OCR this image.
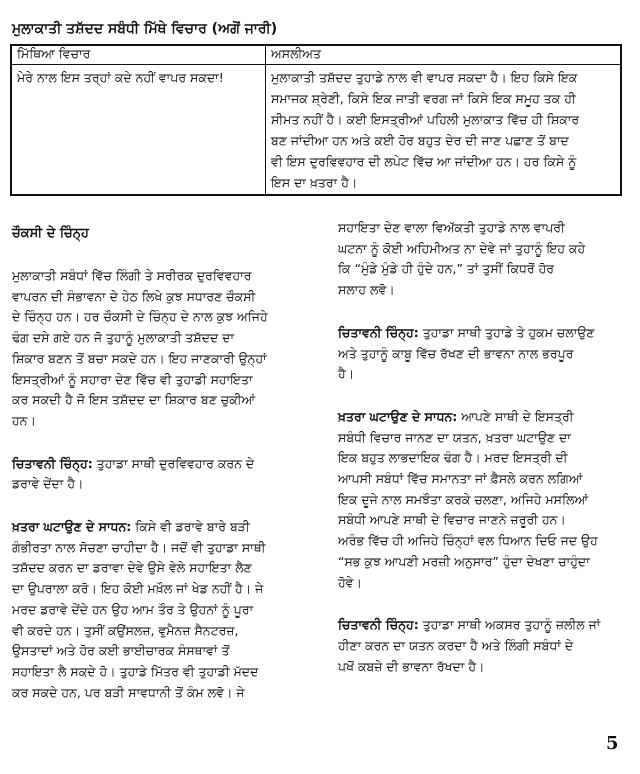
ਮੁਲਾਕਾਤੀ ਤਸ਼ੱਦਦ ਸਬੰਧੀ ਮਿੱਥੇ ਵਿਚਾਰ (ਅਗੋਂ ਜਾਰੀ)
ਮਿੱਥਿਆ ਵਿਚਾਰ	ਅਸਲੀਅਤ
ਮੇਰੇ ਨਾਲ ਇਸ ਤਰ੍ਹਾਂ ਕਦੇ ਨਹੀਂ ਵਾਪਰ ਸਕਦਾ!	ਮੁਲਾਕਾਤੀ ਤਸ਼ੱਦਦ ਤੁਹਾਡੇ ਨਾਲ ਵੀ ਵਾਪਰ ਸਕਦਾ ਹੈ। ਇਹ ਕਿਸੇ ਇਕ
ਸਮਾਜਕ ਸ਼੍ਰੇਣੀ, ਕਿਸੇ ਇਕ ਜਾਤੀ ਵਰਗ ਜਾਂ ਕਿਸੇ ਇਕ ਸਮੂਹ ਤਕ ਹੀ
ਸੀਮਤ ਨਹੀਂ ਹੈ। ਕਈ ਇਸਤ੍ਰੀਆਂ ਪਹਿਲੀ ਮੁਲਾਕਾਤ ਵਿੱਚ ਹੀ ਸ਼ਿਕਾਰ
ਬਣ ਜਾਂਦੀਆ ਹਨ ਅਤੇ ਕਈ ਹੋਰ ਬਹੁਤ ਦੇਰ ਦੀ ਜਾਣ ਪਛਾਣ ਤੋਂ ਬਾਦ
ਵੀ ਇਸ ਦੁਰਵਿਵਹਾਰ ਦੀ ਲਪੇਟ ਵਿੱਚ ਆ ਜਾਂਦੀਆ ਹਨ। ਹਰ ਕਿਸੇ ਨੂੰ
ਇਸ ਦਾ ਖ਼ਤਰਾ ਹੈ।
ਚੌਕਸੀ ਦੇ ਚਿੰਨ੍ਹ
ਮੁਲਾਕਾਤੀ ਸਬੰਧਾਂ ਵਿੱਚ ਲਿੰਗੀ ਤੇ ਸਰੀਰਕ ਦੁਰਵਿਵਹਾਰ
ਵਾਪਰਨ ਦੀ ਸੰਭਾਵਨਾ ਦੇ ਹੇਠ ਲਿਖੇ ਕੁਝ ਸਧਾਰਣ ਚੌਕਸੀ
ਦੇ ਚਿੰਨ੍ਹ ਹਨ। ਹਰ ਚੌਕਸੀ ਦੇ ਚਿੰਨ੍ਹ ਦੇ ਨਾਲ ਕੁਝ ਅਜਿਹੇ
ਢੰਗ ਦਸੇ ਗਏ ਹਨ ਜੋ ਤੁਹਾਨੂੰ ਮੁਲਾਕਾਤੀ ਤਸ਼ੱਦਦ ਦਾ
ਸ਼ਿਕਾਰ ਬਣਨ ਤੋਂ ਬਚਾ ਸਕਦੇ ਹਨ। ਇਹ ਜਾਣਕਾਰੀ ਉਨ੍ਹਾਂ
ਇਸਤ੍ਰੀਆਂ ਨੂੰ ਸਹਾਰਾ ਦੇਣ ਵਿੱਚ ਵੀ ਤੁਹਾਡੀ ਸਹਾਇਤਾ
ਕਰ ਸਕਦੀ ਹੈ ਜੋ ਇਸ ਤਸ਼ੱਦਦ ਦਾ ਸ਼ਿਕਾਰ ਬਣ ਚੁਕੀਆਂ
ਹਨ।
ਚਿਤਾਵਨੀ ਚਿੰਨ੍ਹ: ਤੁਹਾਡਾ ਸਾਥੀ ਦੁਰਵਿਵਹਾਰ ਕਰਨ ਦੇ
ਡਰਾਵੇ ਦੇਂਦਾ ਹੈ।
ਖ਼ਤਰਾ ਘਟਾਉਣ ਦੇ ਸਾਧਨ: ਕਿਸੇ ਵੀ ਡਰਾਵੇ ਬਾਰੇ ਬੜੀ
ਗੰਭੀਰਤਾ ਨਾਲ ਸੋਚਣਾ ਚਾਹੀਦਾ ਹੈ। ਜਦੋਂ ਵੀ ਤੁਹਾਡਾ ਸਾਥੀ
ਤਸ਼ੱਦਦ ਕਰਨ ਦਾ ਡਰਾਵਾ ਦੇਵੇ ਉਸੇ ਵੇਲੇ ਸਹਾਇਤਾ ਲੈਣ
ਦਾ ਉਪਰਾਲਾ ਕਰੋ। ਇਹ ਕੋਈ ਮਖ਼ੌਲ ਜਾਂ ਖੇਡ ਨਹੀਂ ਹੈ। ਜੇ
ਮਰਦ ਡਰਾਵੇ ਦੇਂਦੇ ਹਨ ਉਹ ਆਮ ਤੌਰ ਤੇ ਉਹਨਾਂ ਨੂੰ ਪੂਰਾ
ਵੀ ਕਰਦੇ ਹਨ। ਤੁਸੀਂ ਕਉਂਸਲਜ਼, ਵੁਮੈਨਜ਼ ਸੈਨਟਰਜ਼,
ਉਸਤਾਦਾਂ ਅਤੇ ਹੋਰ ਕਈ ਭਾਈਚਾਰਕ ਸੰਸਥਾਵਾਂ ਤੋਂ
ਸਹਾਇਤਾ ਲੈ ਸਕਦੇ ਹੋ। ਤੁਹਾਡੇ ਮਿੱਤਰ ਵੀ ਤੁਹਾਡੀ ਮੱਦਦ
ਕਰ ਸਕਦੇ ਹਨ, ਪਰ ਬੜੀ ਸਾਵਧਾਨੀ ਤੋਂ ਕੰਮ ਲਵੋ। ਜੇ
ਸਹਾਇਤਾ ਦੇਣ ਵਾਲਾ ਵਿਅੱਕਤੀ ਤੁਹਾਡੇ ਨਾਲ ਵਾਪਰੀ
ਘਟਨਾ ਨੂੰ ਕੋਈ ਅਹਿਮੀਅਤ ਨਾ ਦੇਵੇ ਜਾਂ ਤੁਹਾਨੂੰ ਇਹ ਕਹੇ
ਕਿ “ਮੁੰਡੇ ਮੁੰਡੇ ਹੀ ਹੁੰਦੇ ਹਨ,” ਤਾਂ ਤੁਸੀਂ ਕਿਧਰੋਂ ਹੋਰ
ਸਲਾਹ ਲਵੋ।
ਚਿਤਾਵਨੀ ਚਿੰਨ੍ਹ: ਤੁਹਾਡਾ ਸਾਥੀ ਤੁਹਾਡੇ ਤੇ ਹੁਕਮ ਚਲਾਉਣ
ਅਤੇ ਤੁਹਾਨੂੰ ਕਾਬੂ ਵਿੱਚ ਰੱਖਣ ਦੀ ਭਾਵਨਾ ਨਾਲ ਭਰਪੂਰ
ਹੈ।
ਖ਼ਤਰਾ ਘਟਾਉਣ ਦੇ ਸਾਧਨ: ਆਪਣੇ ਸਾਥੀ ਦੇ ਇਸਤ੍ਰੀ
ਸਬੰਧੀ ਵਿਚਾਰ ਜਾਨਣ ਦਾ ਯਤਨ, ਖ਼ਤਰਾ ਘਟਾਉਣ ਦਾ
ਇਕ ਬਹੁਤ ਲਾਭਦਾਇਕ ਢੰਗ ਹੈ। ਮਰਦ ਇਸਤ੍ਰੀ ਦੀ
ਆਪਸੀ ਸਬੰਧਾਂ ਵਿੱਚ ਸਮਾਨਤਾ ਜਾਂ ਫ਼ੈਸਲੇ ਕਰਨ ਲਗਿਆਂ
ਇਕ ਦੂਜੇ ਨਾਲ ਸਮਝੌਤਾ ਕਰਕੇ ਚਲਣਾ, ਅਜਿਹੇ ਮਸਲਿਆਂ
ਸਬੰਧੀ ਆਪਣੇ ਸਾਥੀ ਦੇ ਵਿਚਾਰ ਜਾਣਨੇ ਜ਼ਰੂਰੀ ਹਨ।
ਅਰੰਭ ਵਿੱਚ ਹੀ ਅਜਿਹੇ ਚਿੰਨ੍ਹਾਂ ਵਲ ਧਿਆਨ ਦਿਓ ਜਦ ਉਹ
“ਸਭ ਕੁਝ ਆਪਣੀ ਮਰਜ਼ੀ ਅਨੁਸਾਰ” ਹੁੰਦਾ ਦੇਖਣਾ ਚਾਹੁੰਦਾ
ਹੋਵੇ।
ਚਿਤਾਵਨੀ ਚਿੰਨ੍ਹ: ਤੁਹਾਡਾ ਸਾਥੀ ਅਕਸਰ ਤੁਹਾਨੂੰ ਜ਼ਲੀਲ ਜਾਂ
ਹੀਣਾ ਕਰਨ ਦਾ ਯਤਨ ਕਰਦਾ ਹੈ ਅਤੇ ਲਿੰਗੀ ਸਬੰਧਾਂ ਦੇ
ਪਖੋਂ ਕਬਜ਼ੇ ਦੀ ਭਾਵਨਾ ਰੱਖਦਾ ਹੈ।
5
